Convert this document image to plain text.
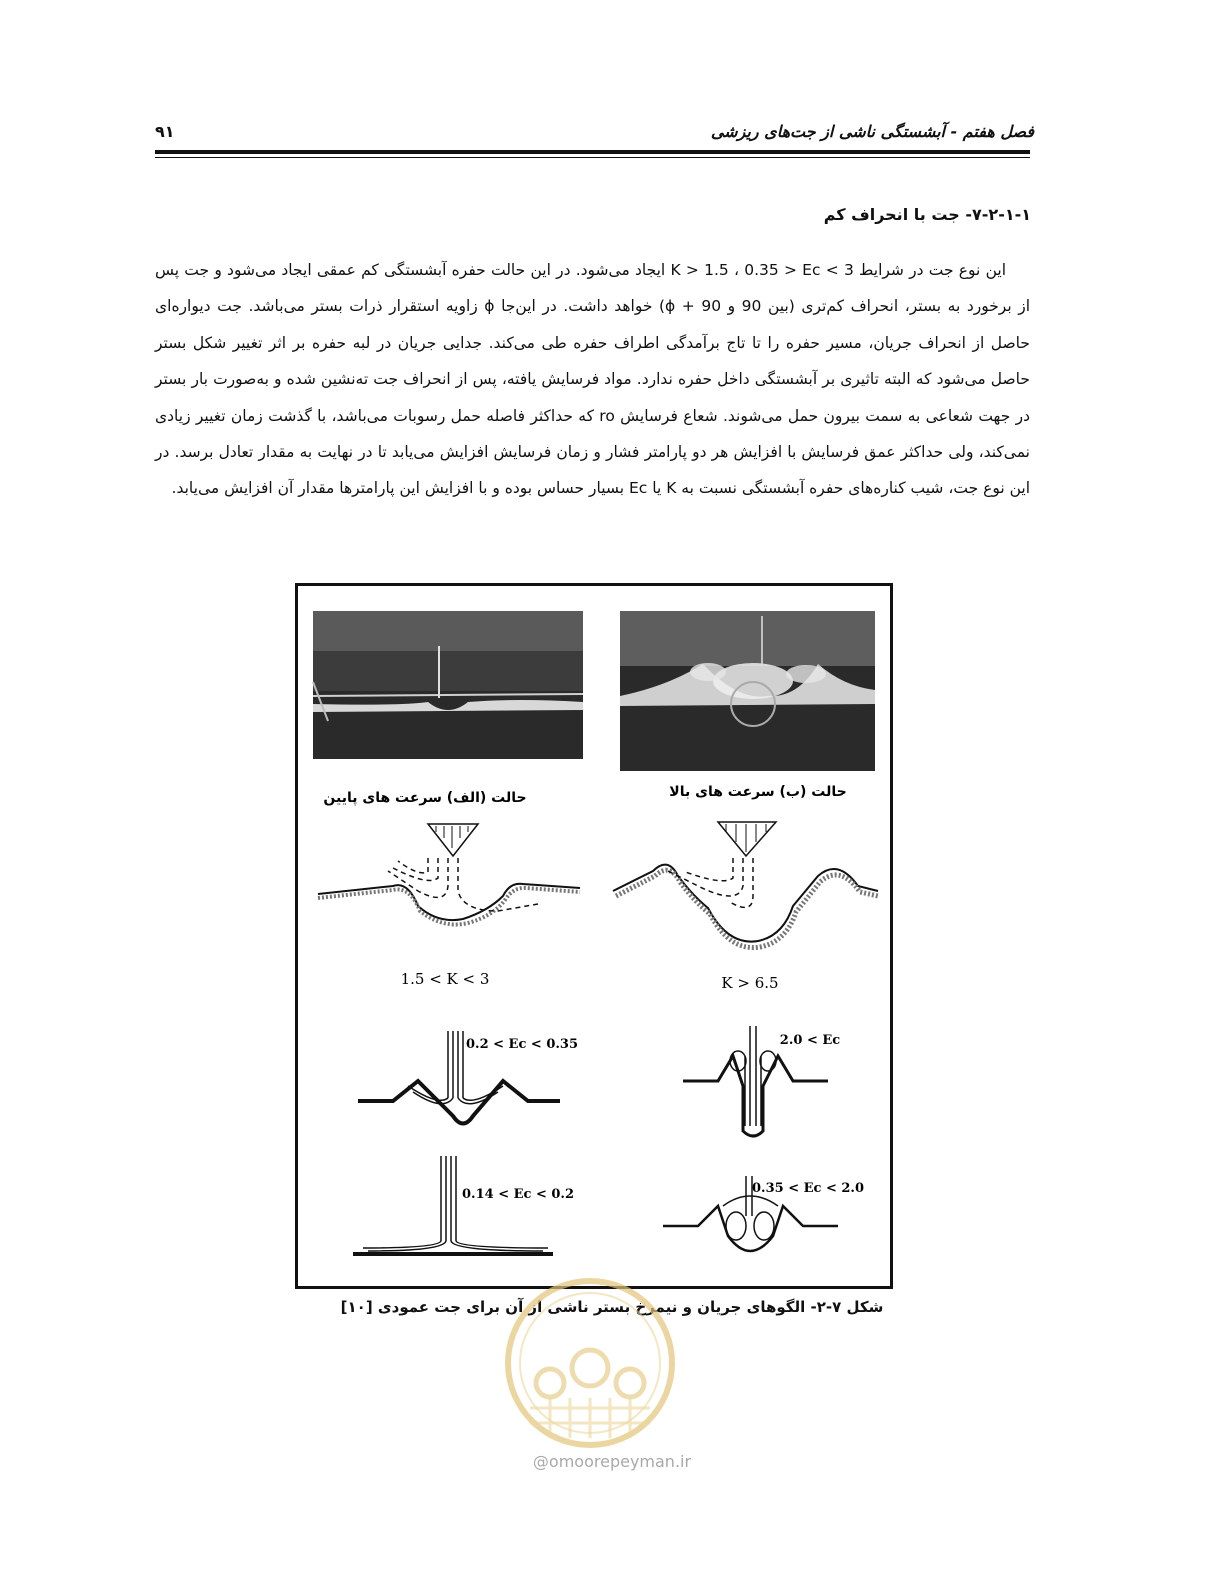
فصل هفتم - آبشستگی ناشی از جت‌های ریزشی
۹۱
۷-۲-۱-۱- جت با انحراف کم

این نوع جت در شرایط 3 > K > 1.5 ، 0.35 > Ec ایجاد می‌شود. در این حالت حفره آبشستگی کم عمقی ایجاد می‌شود و جت پس از برخورد به بستر، انحراف کم‌تری (بین 90 و ϕ + 90) خواهد داشت. در این‌جا ϕ زاویه استقرار ذرات بستر می‌باشد. جت دیواره‌ای حاصل از انحراف جریان، مسیر حفره را تا تاج برآمدگی اطراف حفره طی می‌کند. جدایی جریان در لبه حفره بر اثر تغییر شکل بستر حاصل می‌شود که البته تاثیری بر آبشستگی داخل حفره ندارد. مواد فرسایش یافته، پس از انحراف جت ته‌نشین شده و به‌صورت بار بستر در جهت شعاعی به سمت بیرون حمل می‌شوند. شعاع فرسایش ro که حداکثر فاصله حمل رسوبات می‌باشد، با گذشت زمان تغییر زیادی نمی‌کند، ولی حداکثر عمق فرسایش با افزایش هر دو پارامتر فشار و زمان فرسایش افزایش می‌یابد تا در نهایت به مقدار تعادل برسد. در این نوع جت، شیب کناره‌های حفره آبشستگی نسبت به K یا Ec بسیار حساس بوده و با افزایش این پارامترها مقدار آن افزایش می‌یابد.

حالت (الف) سرعت های پایین	حالت (ب) سرعت های بالا
1.5 < K < 3	K > 6.5
0.2 < Ec < 0.35	2.0 < Ec
0.14 < Ec < 0.2	0.35 < Ec < 2.0
شکل ۷-۲- الگوهای جریان و نیمرخ بستر ناشی از آن برای جت عمودی [۱۰]
@omoorepeyman.ir
